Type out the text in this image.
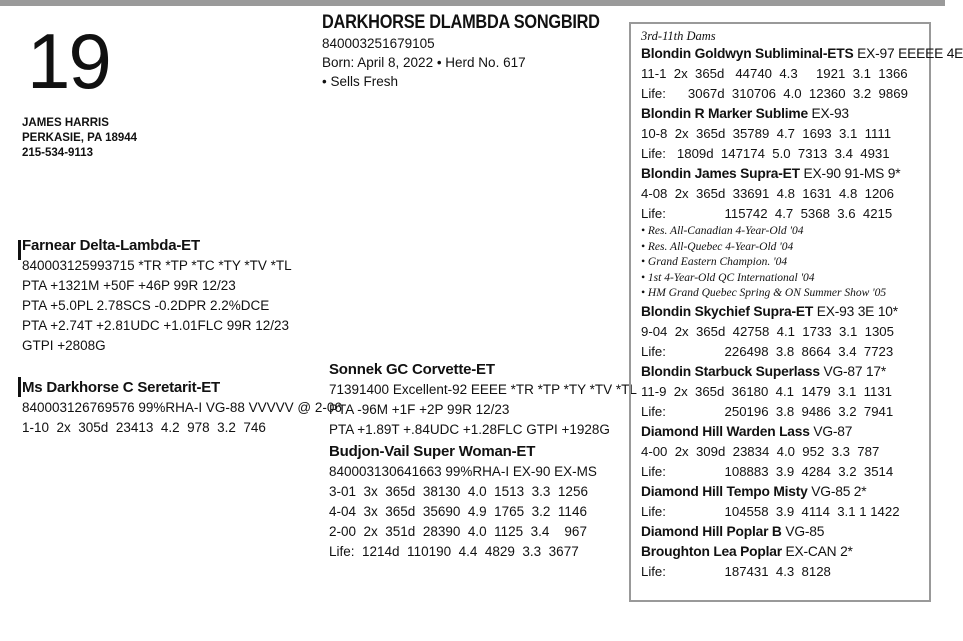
19
JAMES HARRIS
PERKASIE, PA 18944
215-534-9113
DARKHORSE DLAMBDA SONGBIRD
840003251679105
Born: April 8, 2022 • Herd No. 617
• Sells Fresh
Farnear Delta-Lambda-ET
840003125993715 *TR *TP *TC *TY *TV *TL
PTA +1321M +50F +46P 99R 12/23
PTA +5.0PL 2.78SCS -0.2DPR 2.2%DCE
PTA +2.74T +2.81UDC +1.01FLC 99R 12/23
GTPI +2808G
Ms Darkhorse C Seretarit-ET
840003126769576 99%RHA-I VG-88 VVVVV @ 2-06
1-10  2x  305d  23413  4.2  978  3.2  746
Sonnek GC Corvette-ET
71391400 Excellent-92 EEEE *TR *TP *TY *TV *TL
PTA -96M +1F +2P 99R 12/23
PTA +1.89T +.84UDC +1.28FLC GTPI +1928G
Budjon-Vail Super Woman-ET
840003130641663 99%RHA-I EX-90 EX-MS
3-01  3x  365d  38130  4.0  1513  3.3  1256
4-04  3x  365d  35690  4.9  1765  3.2  1146
2-00  2x  351d  28390  4.0  1125  3.4    967
Life:  1214d  110190  4.4  4829  3.3  3677
3rd-11th Dams
Blondin Goldwyn Subliminal-ETS EX-97 EEEEE 4E
11-1  2x  365d   44740  4.3     1921  3.1  1366
Life:      3067d  310706  4.0  12360  3.2  9869
Blondin R Marker Sublime EX-93
10-8  2x  365d  35789  4.7  1693  3.1  1111
Life:   1809d  147174  5.0  7313  3.4  4931
Blondin James Supra-ET EX-90 91-MS 9*
4-08  2x  365d  33691  4.8  1631  4.8  1206
Life:                115742  4.7  5368  3.6  4215
• Res. All-Canadian 4-Year-Old '04
• Res. All-Quebec 4-Year-Old '04
• Grand Eastern Champion. '04
• 1st 4-Year-Old QC International '04
• HM Grand Quebec Spring & ON Summer Show '05
Blondin Skychief Supra-ET EX-93 3E 10*
9-04  2x  365d  42758  4.1  1733  3.1  1305
Life:                226498  3.8  8664  3.4  7723
Blondin Starbuck Superlass VG-87 17*
11-9  2x  365d  36180  4.1  1479  3.1  1131
Life:                250196  3.8  9486  3.2  7941
Diamond Hill Warden Lass VG-87
4-00  2x  309d  23834  4.0  952  3.3  787
Life:                108883  3.9  4284  3.2  3514
Diamond Hill Tempo Misty VG-85 2*
Life:                104558  3.9  4114  3.1 1 1422
Diamond Hill Poplar B VG-85
Broughton Lea Poplar EX-CAN 2*
Life:                187431  4.3  8128
